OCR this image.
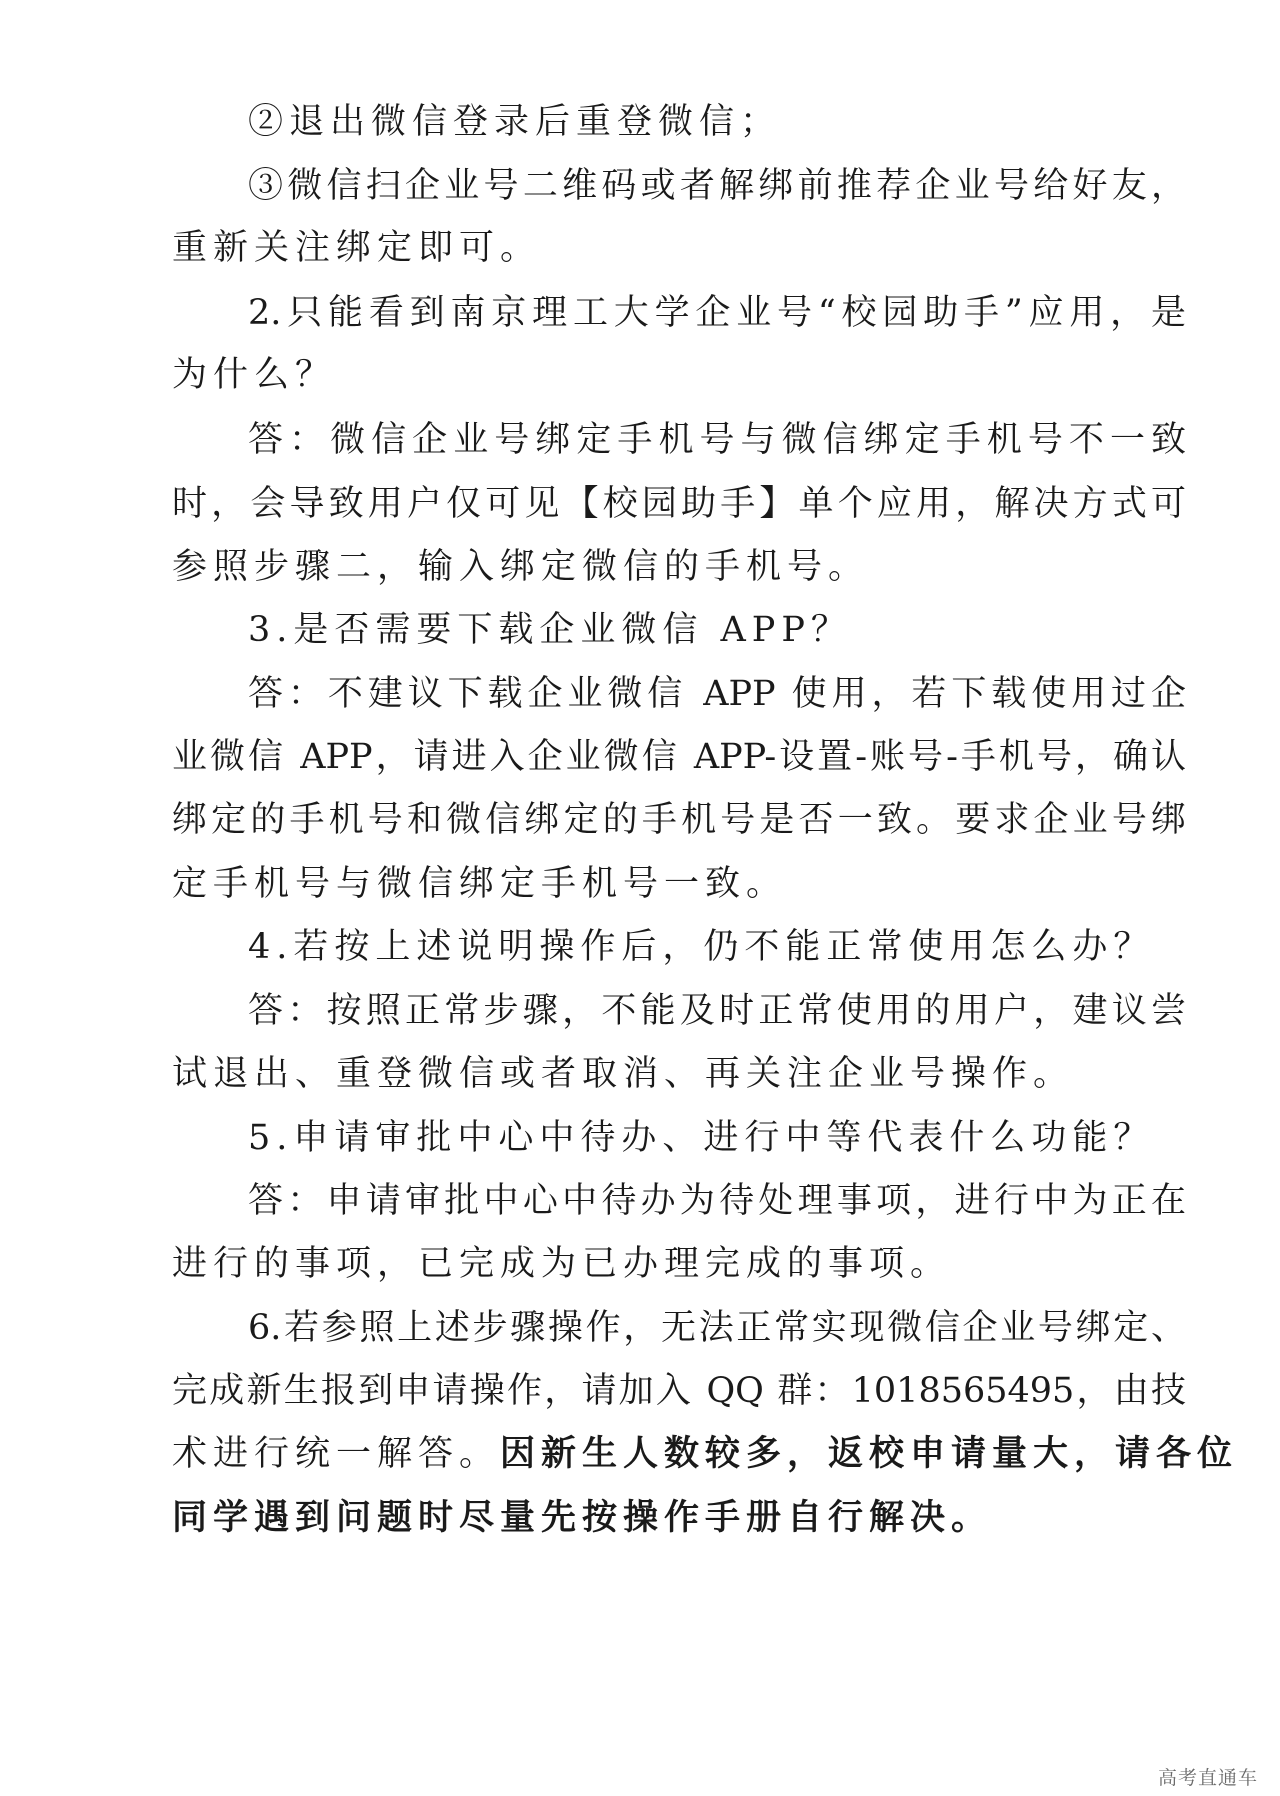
②退出微信登录后重登微信；
③微信扫企业号二维码或者解绑前推荐企业号给好友，
重新关注绑定即可。
2.只能看到南京理工大学企业号“校园助手”应用，是
为什么？
答：微信企业号绑定手机号与微信绑定手机号不一致
时，会导致用户仅可见【校园助手】单个应用，解决方式可
参照步骤二，输入绑定微信的手机号。
3.是否需要下载企业微信 APP？
答：不建议下载企业微信 APP 使用，若下载使用过企
业微信 APP，请进入企业微信 APP-设置-账号-手机号，确认
绑定的手机号和微信绑定的手机号是否一致。要求企业号绑
定手机号与微信绑定手机号一致。
4.若按上述说明操作后，仍不能正常使用怎么办？
答：按照正常步骤，不能及时正常使用的用户，建议尝
试退出、重登微信或者取消、再关注企业号操作。
5.申请审批中心中待办、进行中等代表什么功能？
答：申请审批中心中待办为待处理事项，进行中为正在
进行的事项，已完成为已办理完成的事项。
6.若参照上述步骤操作，无法正常实现微信企业号绑定、
完成新生报到申请操作，请加入 QQ 群：1018565495，由技
术进行统一解答。因新生人数较多，返校申请量大，请各位
同学遇到问题时尽量先按操作手册自行解决。
高考直通车
